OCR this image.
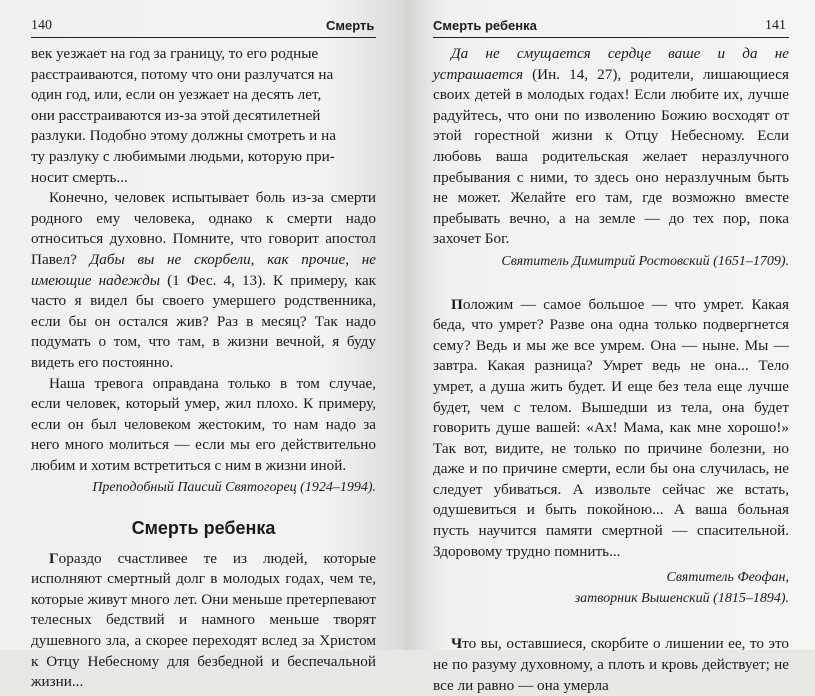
140	Смерть

век уезжает на год за границу, то его родные
расстраиваются, потому что они разлучатся на
один год, или, если он уезжает на десять лет,
они расстраиваются из-за этой десятилетней
разлуки. Подобно этому должны смотреть и на
ту разлуку с любимыми людьми, которую при-
носит смерть...

Конечно, человек испытывает боль из-за смерти родного ему человека, однако к смерти надо относиться духовно. Помните, что говорит апостол Павел? Дабы вы не скорбели, как прочие, не имеющие надежды (1 Фес. 4, 13). К примеру, как часто я видел бы своего умершего родственника, если бы он остался жив? Раз в месяц? Так надо подумать о том, что там, в жизни вечной, я буду видеть его постоянно.

Наша тревога оправдана только в том случае, если человек, который умер, жил плохо. К примеру, если он был человеком жестоким, то нам надо за него много молиться — если мы его действительно любим и хотим встретиться с ним в жизни иной.

Преподобный Паисий Святогорец (1924–1994).
Смерть ребенка

Гораздо счастливее те из людей, которые исполняют смертный долг в молодых годах, чем те, которые живут много лет. Они меньше претерпевают телесных бедствий и намного меньше творят душевного зла, а скорее переходят вслед за Христом к Отцу Небесному для безбедной и беспечальной жизни...

Смерть ребенка	141

Да не смущается сердце ваше и да не устрашается (Ин. 14, 27), родители, лишающиеся своих детей в молодых годах! Если любите их, лучше радуйтесь, что они по изволению Божию восходят от этой горестной жизни к Отцу Небесному. Если любовь ваша родительская желает неразлучного пребывания с ними, то здесь оно неразлучным быть не может. Желайте его там, где возможно вместе пребывать вечно, а на земле — до тех пор, пока захочет Бог.

Святитель Димитрий Ростовский (1651–1709).

Положим — самое большое — что умрет. Какая беда, что умрет? Разве она одна только подвергнется сему? Ведь и мы же все умрем. Она — ныне. Мы — завтра. Какая разница? Умрет ведь не она... Тело умрет, а душа жить будет. И еще без тела еще лучше будет, чем с телом. Вышедши из тела, она будет говорить душе вашей: «Ах! Мама, как мне хорошо!» Так вот, видите, не только по причине болезни, но даже и по причине смерти, если бы она случилась, не следует убиваться. А извольте сейчас же встать, одушевиться и быть покойною... А ваша больная пусть научится памяти смертной — спасительной. Здоровому трудно помнить...

Святитель Феофан,
затворник Вышенский (1815–1894).

Что вы, оставшиеся, скорбите о лишении ее, то это не по разуму духовному, а плоть и кровь действует; не все ли равно — она умерла
